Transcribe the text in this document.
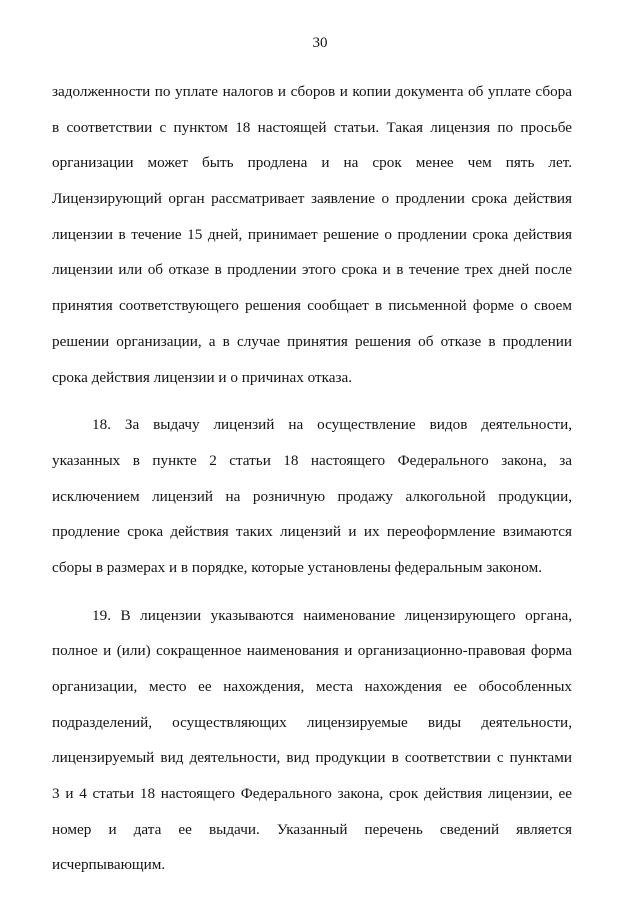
30
задолженности по уплате налогов и сборов и копии документа об уплате сбора
в соответствии с пунктом 18 настоящей статьи. Такая лицензия по просьбе
организации может быть продлена и на срок менее чем пять лет.
Лицензирующий орган рассматривает заявление о продлении срока действия
лицензии в течение 15 дней, принимает решение о продлении срока действия
лицензии или об отказе в продлении этого срока и в течение трех дней после
принятия соответствующего решения сообщает в письменной форме о своем
решении организации, а в случае принятия решения об отказе в продлении
срока действия лицензии и о причинах отказа.
18. За выдачу лицензий на осуществление видов деятельности,
указанных в пункте 2 статьи 18 настоящего Федерального закона, за
исключением лицензий на розничную продажу алкогольной продукции,
продление срока действия таких лицензий и их переоформление взимаются
сборы в размерах и в порядке, которые установлены федеральным законом.
19. В лицензии указываются наименование лицензирующего органа,
полное и (или) сокращенное наименования и организационно-правовая форма
организации, место ее нахождения, места нахождения ее обособленных
подразделений, осуществляющих лицензируемые виды деятельности,
лицензируемый вид деятельности, вид продукции в соответствии с пунктами
3 и 4 статьи 18 настоящего Федерального закона, срок действия лицензии, ее
номер и дата ее выдачи. Указанный перечень сведений является
исчерпывающим.
